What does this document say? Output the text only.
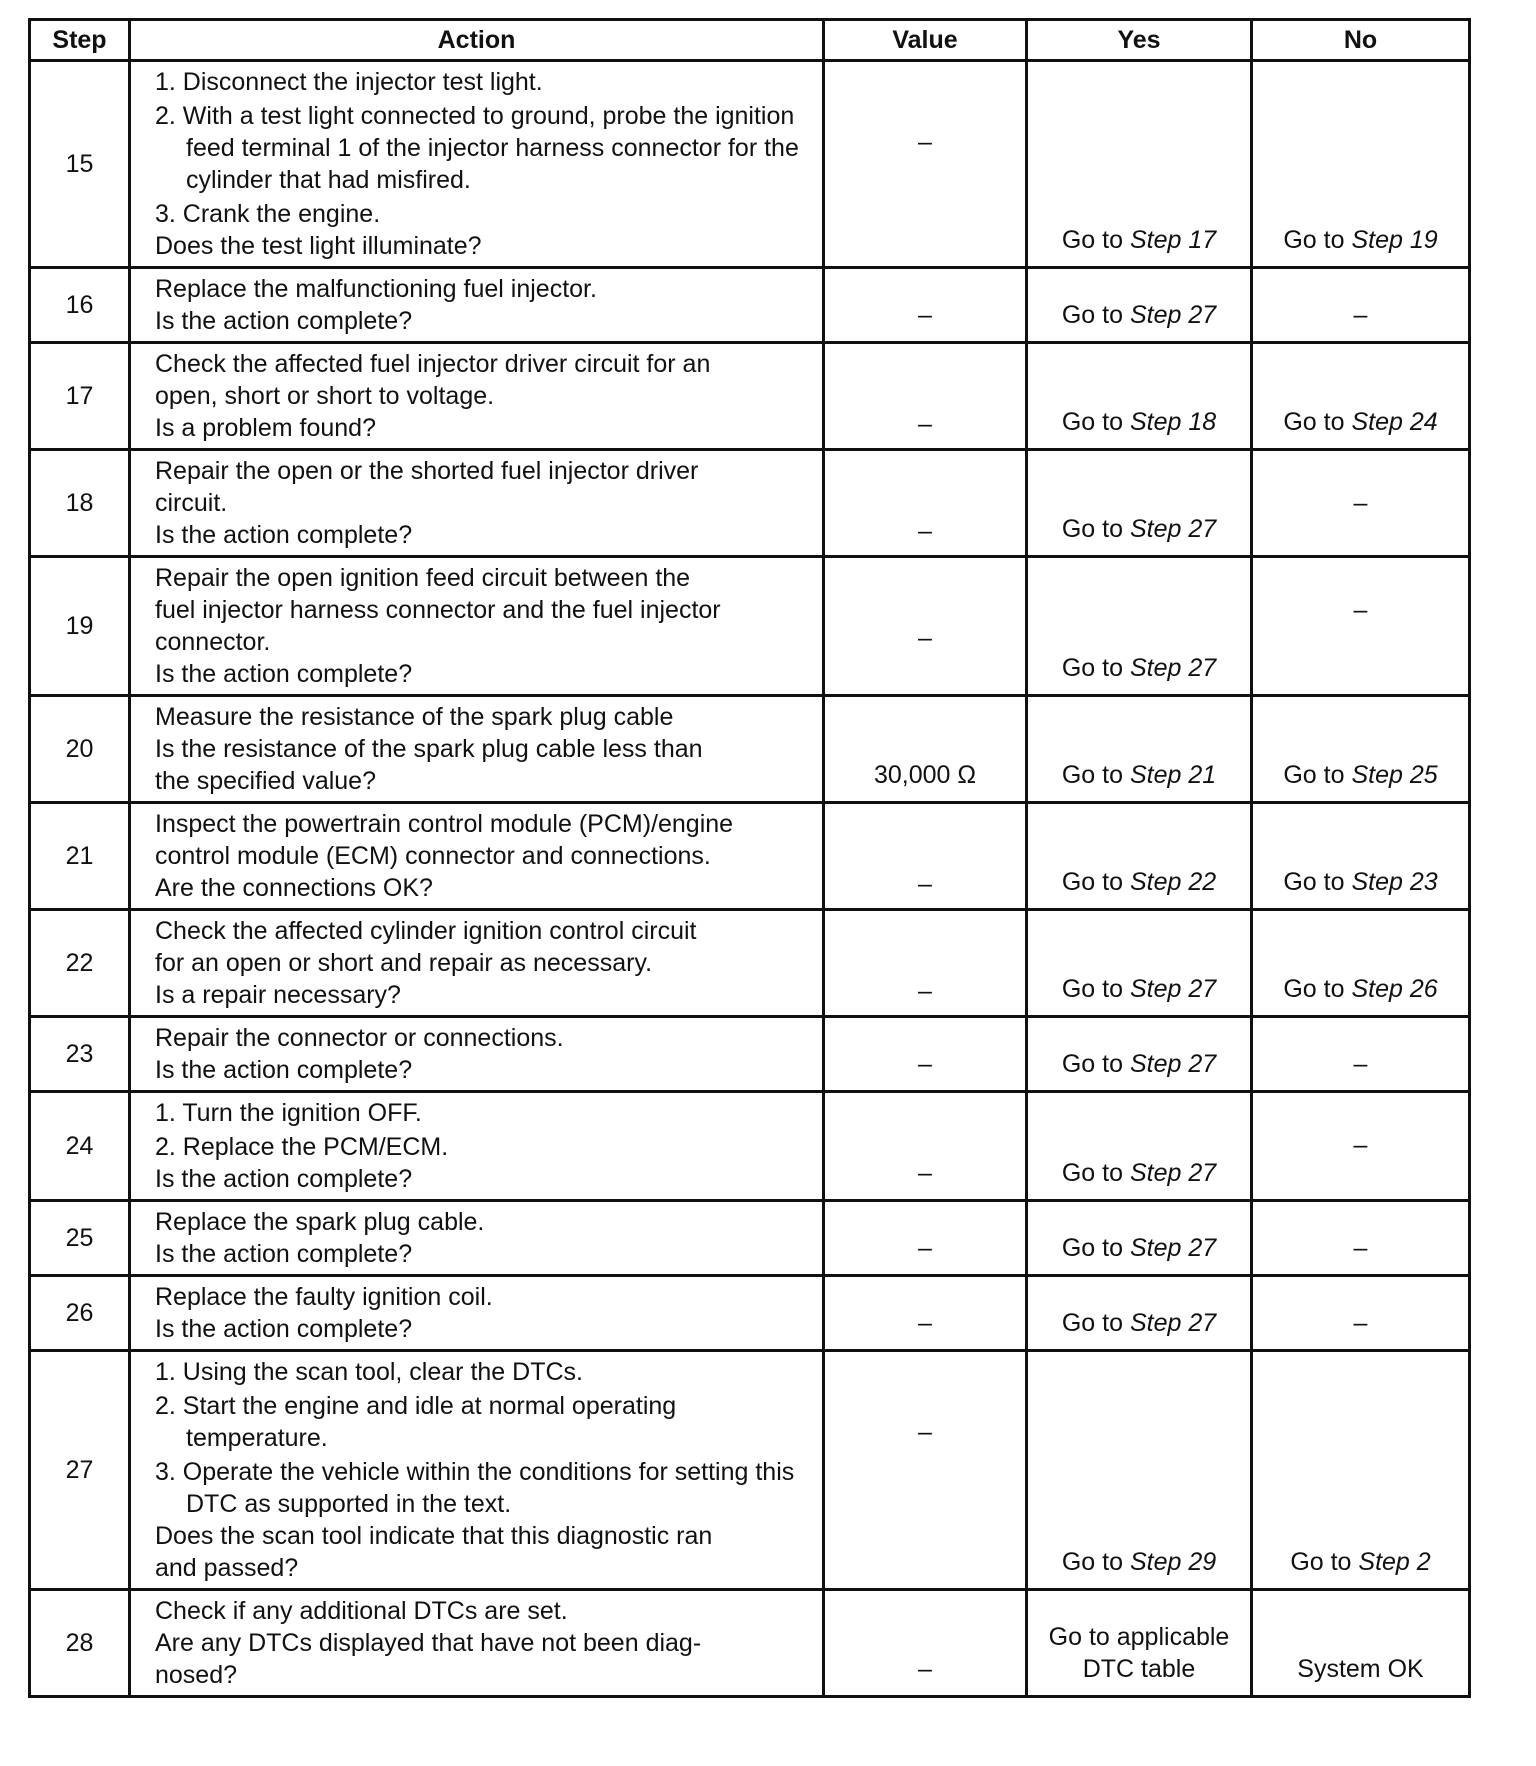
Step	Action	Value	Yes	No
15	1. Disconnect the injector test light.
2. With a test light connected to ground, probe the ignition feed terminal 1 of the injector harness connector for the cylinder that had misfired.
3. Crank the engine.
Does the test light illuminate?	–	Go to Step 17	Go to Step 19
16	Replace the malfunctioning fuel injector.
Is the action complete?	–	Go to Step 27	–
17	Check the affected fuel injector driver circuit for an
open, short or short to voltage.
Is a problem found?	–	Go to Step 18	Go to Step 24
18	Repair the open or the shorted fuel injector driver
circuit.
Is the action complete?	–	Go to Step 27	–
19	Repair the open ignition feed circuit between the
fuel injector harness connector and the fuel injector
connector.
Is the action complete?	–	Go to Step 27	–
20	Measure the resistance of the spark plug cable
Is the resistance of the spark plug cable less than
the specified value?	30,000 Ω	Go to Step 21	Go to Step 25
21	Inspect the powertrain control module (PCM)/engine
control module (ECM) connector and connections.
Are the connections OK?	–	Go to Step 22	Go to Step 23
22	Check the affected cylinder ignition control circuit
for an open or short and repair as necessary.
Is a repair necessary?	–	Go to Step 27	Go to Step 26
23	Repair the connector or connections.
Is the action complete?	–	Go to Step 27	–
24	1. Turn the ignition OFF.
2. Replace the PCM/ECM.
Is the action complete?	–	Go to Step 27	–
25	Replace the spark plug cable.
Is the action complete?	–	Go to Step 27	–
26	Replace the faulty ignition coil.
Is the action complete?	–	Go to Step 27	–
27	1. Using the scan tool, clear the DTCs.
2. Start the engine and idle at normal operating temperature.
3. Operate the vehicle within the conditions for setting this DTC as supported in the text.
Does the scan tool indicate that this diagnostic ran
and passed?	–	Go to Step 29	Go to Step 2
28	Check if any additional DTCs are set.
Are any DTCs displayed that have not been diag-
nosed?	–	Go to applicable
DTC table	System OK
